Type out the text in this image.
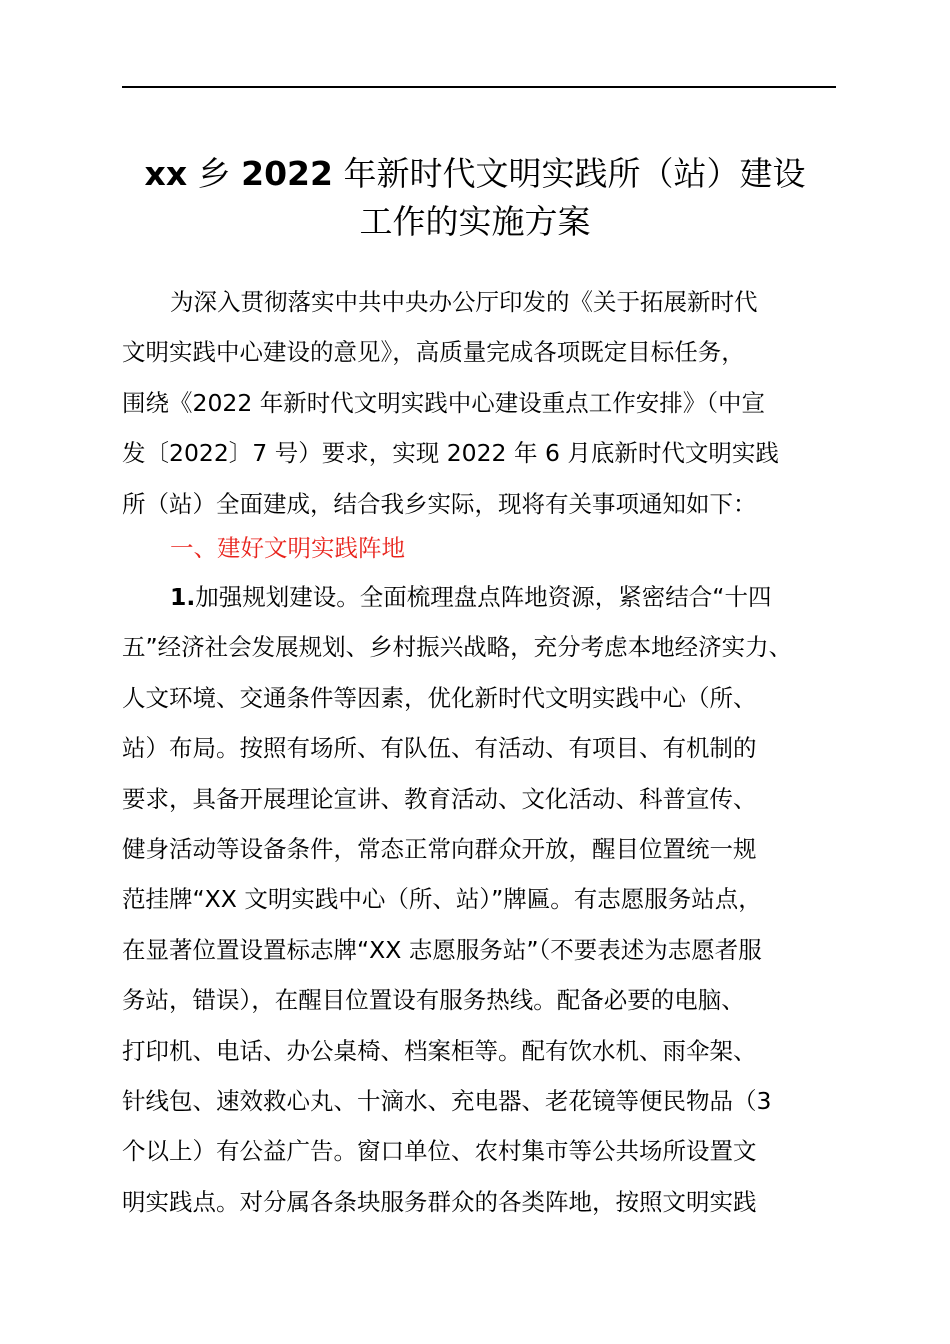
xx 乡 2022 年新时代文明实践所（站）建设
工作的实施方案
为深入贯彻落实中共中央办公厅印发的《关于拓展新时代
文明实践中心建设的意见》，高质量完成各项既定目标任务，
围绕《2022 年新时代文明实践中心建设重点工作安排》（中宣
发〔2022〕7 号）要求，实现 2022 年 6 月底新时代文明实践
所（站）全面建成，结合我乡实际，现将有关事项通知如下：
一、建好文明实践阵地
1.加强规划建设。全面梳理盘点阵地资源，紧密结合“十四
五”经济社会发展规划、乡村振兴战略，充分考虑本地经济实力、
人文环境、交通条件等因素，优化新时代文明实践中心（所、
站）布局。按照有场所、有队伍、有活动、有项目、有机制的
要求，具备开展理论宣讲、教育活动、文化活动、科普宣传、
健身活动等设备条件，常态正常向群众开放，醒目位置统一规
范挂牌“XX 文明实践中心（所、站）”牌匾。有志愿服务站点，
在显著位置设置标志牌“XX 志愿服务站”（不要表述为志愿者服
务站，错误），在醒目位置设有服务热线。配备必要的电脑、
打印机、电话、办公桌椅、档案柜等。配有饮水机、雨伞架、
针线包、速效救心丸、十滴水、充电器、老花镜等便民物品（3
个以上）有公益广告。窗口单位、农村集市等公共场所设置文
明实践点。对分属各条块服务群众的各类阵地，按照文明实践
